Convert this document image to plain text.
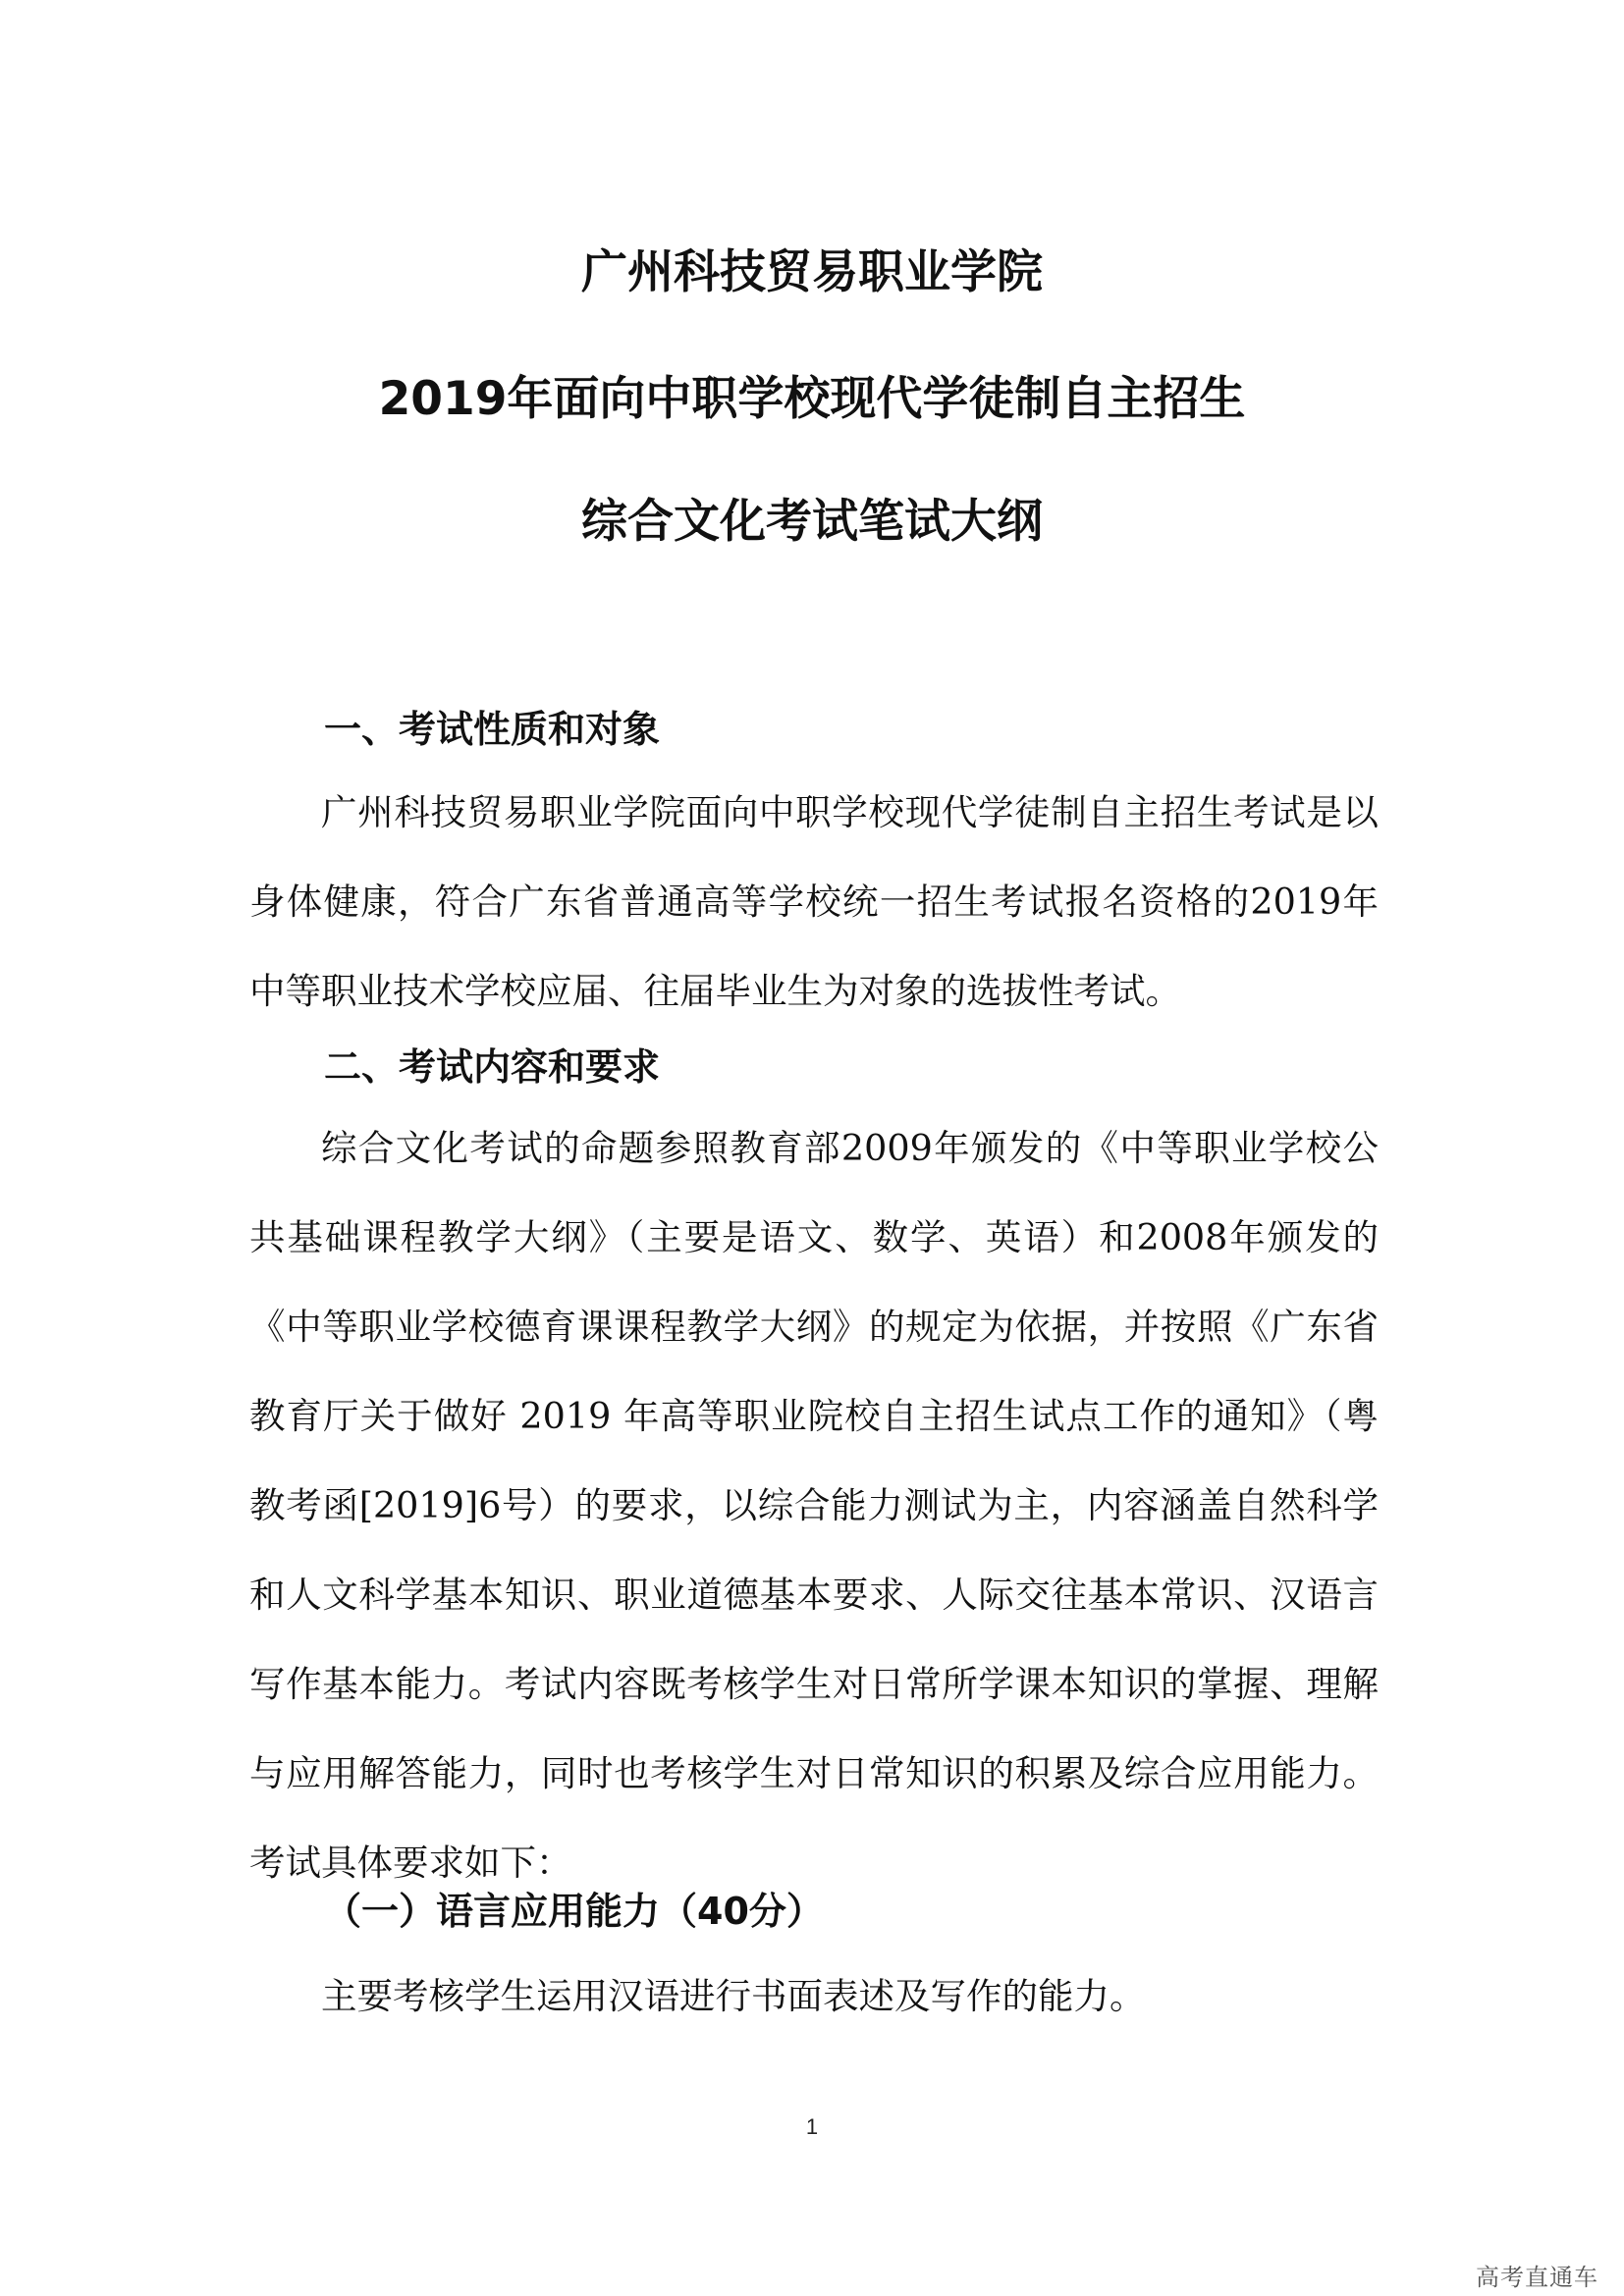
广州科技贸易职业学院
2019年面向中职学校现代学徒制自主招生
综合文化考试笔试大纲
一、考试性质和对象
广州科技贸易职业学院面向中职学校现代学徒制自主招生考试是以身体健康，符合广东省普通高等学校统一招生考试报名资格的2019年中等职业技术学校应届、往届毕业生为对象的选拔性考试。
二、考试内容和要求
综合文化考试的命题参照教育部2009年颁发的《中等职业学校公共基础课程教学大纲》（主要是语文、数学、英语）和2008年颁发的《中等职业学校德育课课程教学大纲》的规定为依据，并按照《广东省教育厅关于做好 2019 年高等职业院校自主招生试点工作的通知》（粤教考函[2019]6号）的要求，以综合能力测试为主，内容涵盖自然科学和人文科学基本知识、职业道德基本要求、人际交往基本常识、汉语言写作基本能力。考试内容既考核学生对日常所学课本知识的掌握、理解与应用解答能力，同时也考核学生对日常知识的积累及综合应用能力。考试具体要求如下：
（一）语言应用能力（40分）
主要考核学生运用汉语进行书面表述及写作的能力。
1
高考直通车
